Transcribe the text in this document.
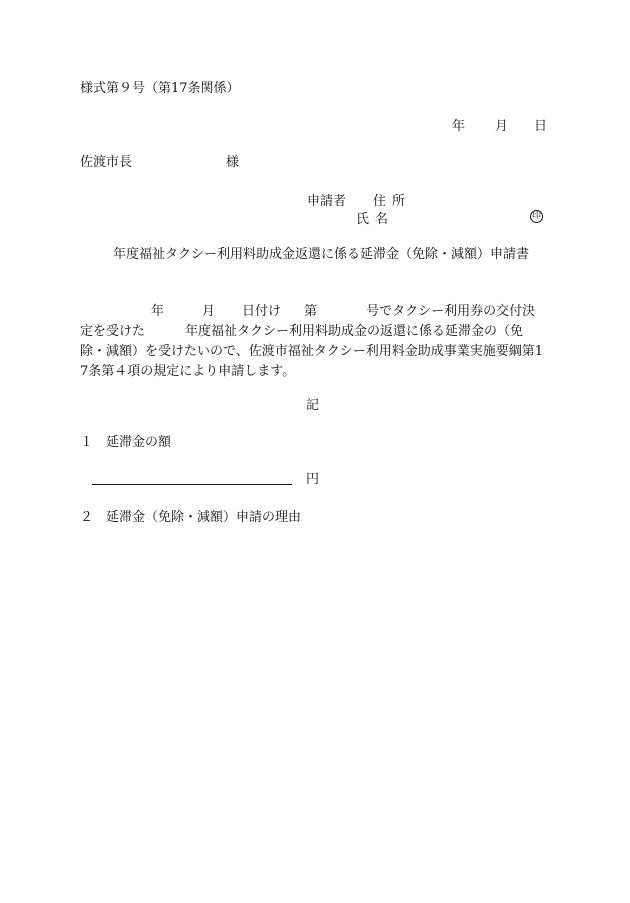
様式第９号（第17条関係）
年 月 日
佐渡市長	様
申請者 住所
氏名	印
年度福祉タクシー利用料助成金返還に係る延滞金（免除・減額）申請書
年	月 日付け 第	号でタクシー利用券の交付決
定を受けた	年度福祉タクシー利用料助成金の返還に係る延滞金の（免
除・減額）を受けたいので、佐渡市福祉タクシー利用料金助成事業実施要綱第1
7条第４項の規定により申請します。
記
１ 延滞金の額
円
２ 延滞金（免除・減額）申請の理由
